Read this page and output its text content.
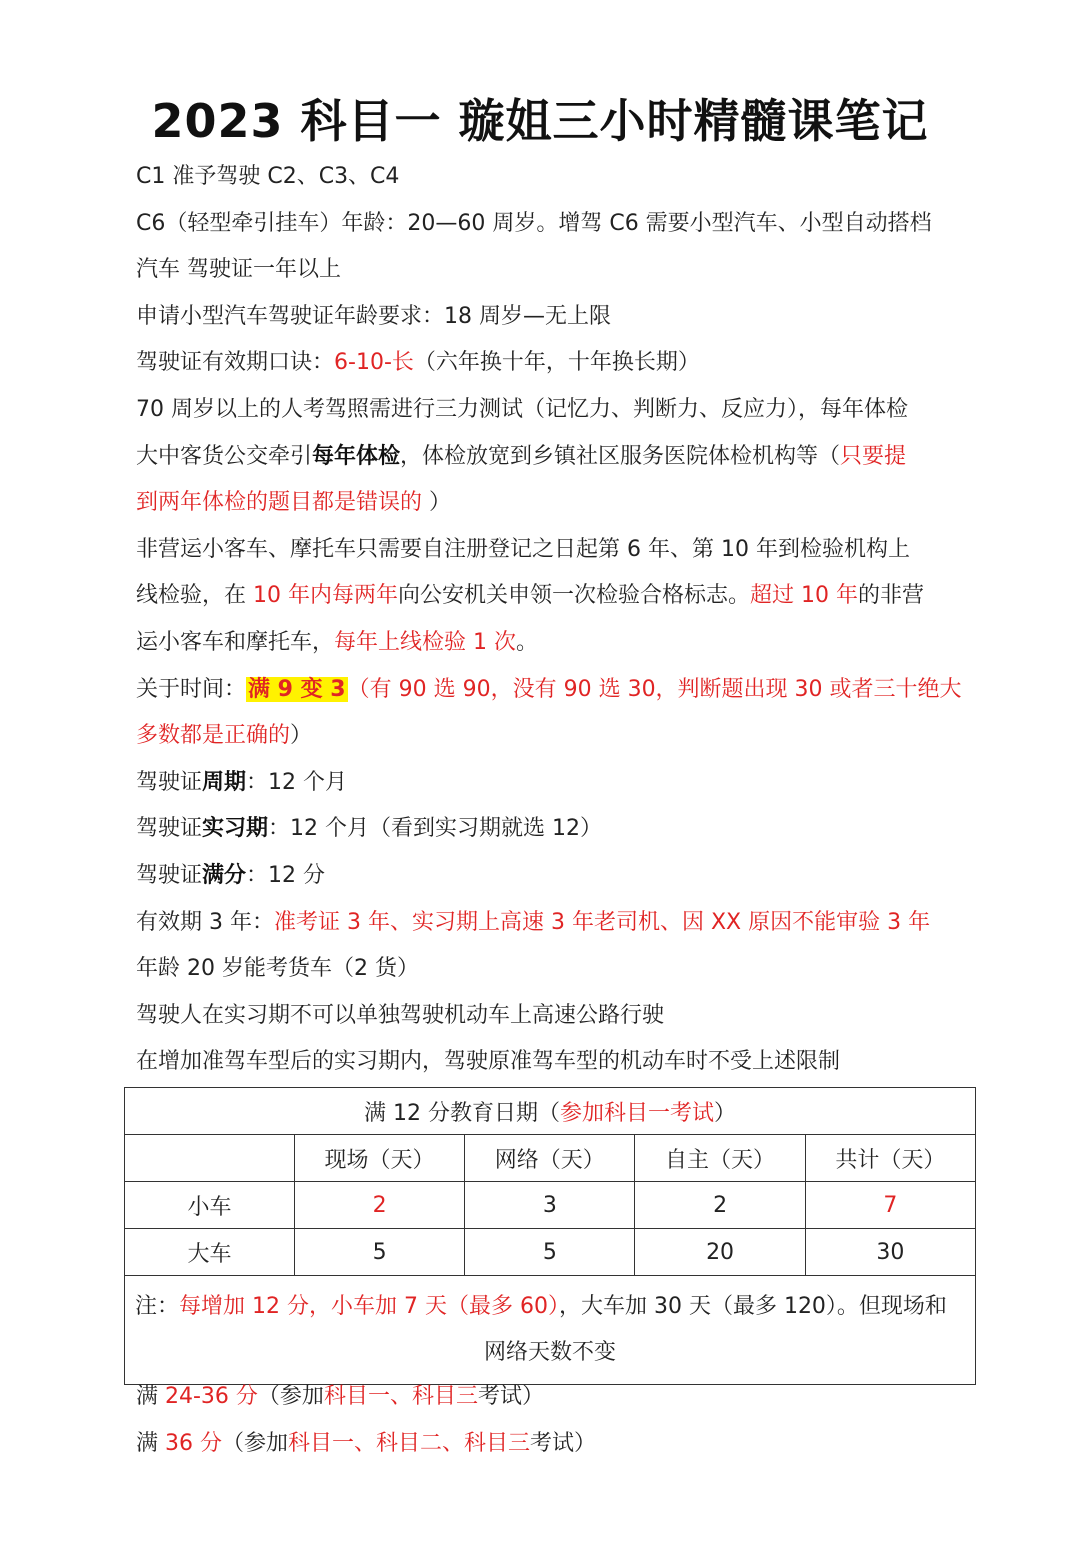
2023 科目一 璇姐三小时精髓课笔记
C1 准予驾驶 C2、C3、C4
C6（轻型牵引挂车）年龄：20—60 周岁。增驾 C6 需要小型汽车、小型自动搭档
汽车 驾驶证一年以上
申请小型汽车驾驶证年龄要求：18 周岁—无上限
驾驶证有效期口诀：6-10-长（六年换十年，十年换长期）
70 周岁以上的人考驾照需进行三力测试（记忆力、判断力、反应力），每年体检
大中客货公交牵引每年体检，体检放宽到乡镇社区服务医院体检机构等（只要提
到两年体检的题目都是错误的 ）
非营运小客车、摩托车只需要自注册登记之日起第 6 年、第 10 年到检验机构上
线检验，在 10 年内每两年向公安机关申领一次检验合格标志。超过 10 年的非营
运小客车和摩托车，每年上线检验 1 次。
关于时间：满 9 变 3（有 90 选 90，没有 90 选 30，判断题出现 30 或者三十绝大
多数都是正确的）
驾驶证周期：12 个月
驾驶证实习期：12 个月（看到实习期就选 12）
驾驶证满分：12 分
有效期 3 年：准考证 3 年、实习期上高速 3 年老司机、因 XX 原因不能审验 3 年
年龄 20 岁能考货车（2 货）
驾驶人在实习期不可以单独驾驶机动车上高速公路行驶
在增加准驾车型后的实习期内，驾驶原准驾车型的机动车时不受上述限制
满 12 分教育日期（参加科目一考试）				
	现场（天）	网络（天）	自主（天）	共计（天）
小车	2	3	2	7
大车	5	5	20	30
注：每增加 12 分，小车加 7 天（最多 60），大车加 30 天（最多 120）。但现场和
网络天数不变				
满 24-36 分（参加科目一、科目三考试）
满 36 分（参加科目一、科目二、科目三考试）
